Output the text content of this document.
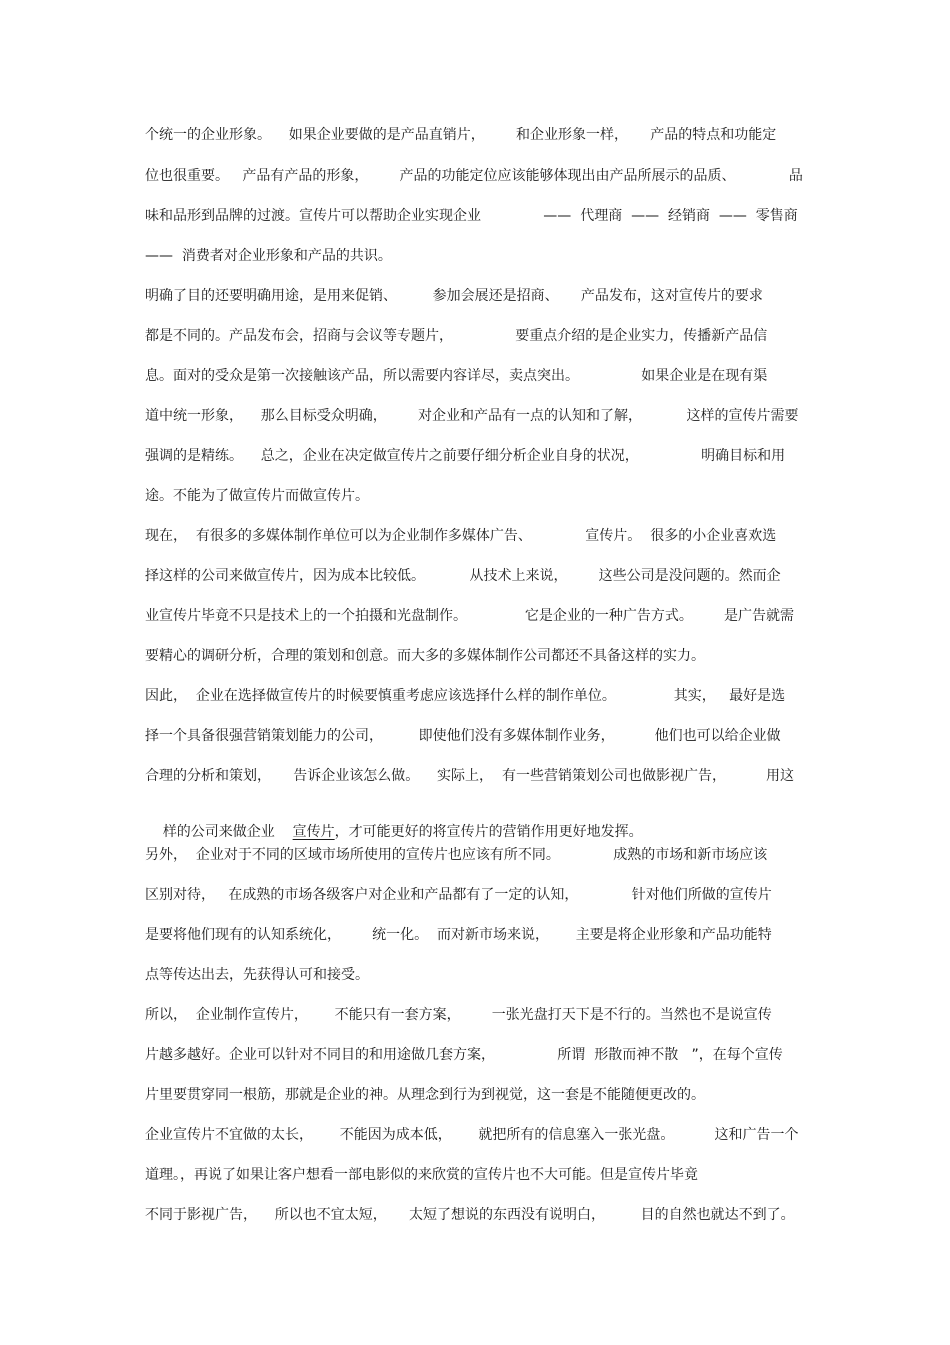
个统一的企业形象。    如果企业要做的是产品直销片，       和企业形象一样，     产品的特点和功能定
位也很重要。   产品有产品的形象，       产品的功能定位应该能够体现出由产品所展示的品质、            品
味和品形到品牌的过渡。宣传片可以帮助企业实现企业              ——  代理商  ——  经销商  ——  零售商
——  消费者对企业形象和产品的共识。
明确了目的还要明确用途，是用来促销、        参加会展还是招商、     产品发布，这对宣传片的要求
都是不同的。产品发布会，招商与会议等专题片，              要重点介绍的是企业实力，传播新产品信
息。面对的受众是第一次接触该产品，所以需要内容详尽，卖点突出。              如果企业是在现有渠
道中统一形象，    那么目标受众明确，       对企业和产品有一点的认知和了解，          这样的宣传片需要
强调的是精练。    总之，企业在决定做宣传片之前要仔细分析企业自身的状况，              明确目标和用
途。不能为了做宣传片而做宣传片。
现在，  有很多的多媒体制作单位可以为企业制作多媒体广告、            宣传片。  很多的小企业喜欢选
择这样的公司来做宣传片，因为成本比较低。          从技术上来说，       这些公司是没问题的。然而企
业宣传片毕竟不只是技术上的一个拍摄和光盘制作。             它是企业的一种广告方式。       是广告就需
要精心的调研分析，合理的策划和创意。而大多的多媒体制作公司都还不具备这样的实力。
因此，  企业在选择做宣传片的时候要慎重考虑应该选择什么样的制作单位。             其实，   最好是选
择一个具备很强营销策划能力的公司，        即使他们没有多媒体制作业务，         他们也可以给企业做
合理的分析和策划，     告诉企业该怎么做。    实际上，  有一些营销策划公司也做影视广告，         用这

样的公司来做企业    宣传片，才可能更好的将宣传片的营销作用更好地发挥。

另外，  企业对于不同的区域市场所使用的宣传片也应该有所不同。            成熟的市场和新市场应该
区别对待，   在成熟的市场各级客户对企业和产品都有了一定的认知，            针对他们所做的宣传片
是要将他们现有的认知系统化，       统一化。  而对新市场来说，      主要是将企业形象和产品功能特
点等传达出去，先获得认可和接受。
所以，  企业制作宣传片，      不能只有一套方案，       一张光盘打天下是不行的。当然也不是说宣传
片越多越好。企业可以针对不同目的和用途做几套方案，              所谓  形散而神不散   ”，在每个宣传
片里要贯穿同一根筋，那就是企业的神。从理念到行为到视觉，这一套是不能随便更改的。
企业宣传片不宜做的太长，      不能因为成本低，      就把所有的信息塞入一张光盘。         这和广告一个
道理。，再说了如果让客户想看一部电影似的来欣赏的宣传片也不大可能。但是宣传片毕竟
不同于影视广告，    所以也不宜太短，     太短了想说的东西没有说明白，        目的自然也就达不到了。
